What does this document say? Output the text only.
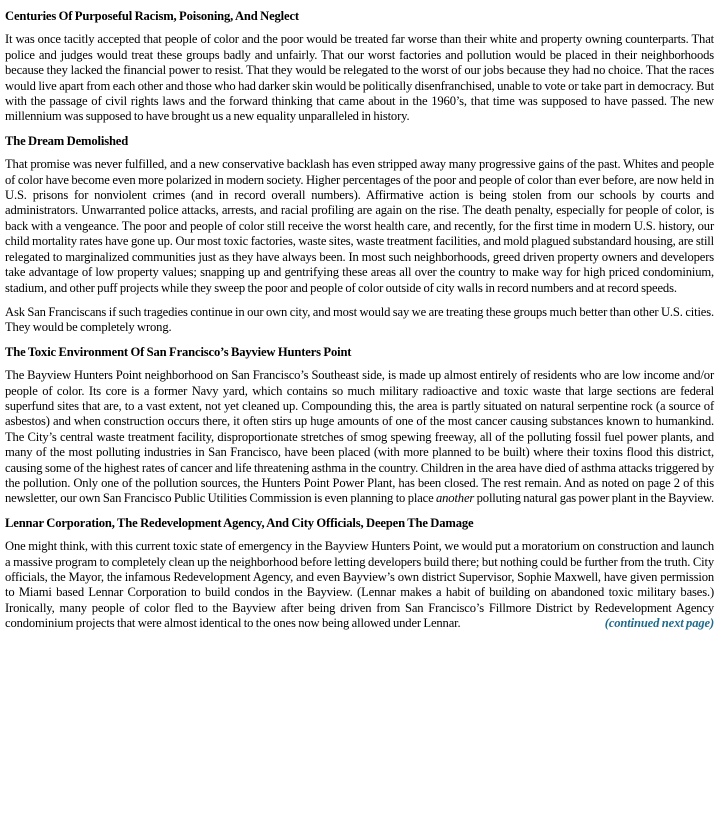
Centuries Of Purposeful Racism, Poisoning, And Neglect

It was once tacitly accepted that people of color and the poor would be treated far worse than their white and property owning counterparts. That police and judges would treat these groups badly and unfairly. That our worst factories and pollution would be placed in their neighborhoods because they lacked the financial power to resist. That they would be relegated to the worst of our jobs because they had no choice. That the races would live apart from each other and those who had darker skin would be politically disenfranchised, unable to vote or take part in democracy. But with the passage of civil rights laws and the forward thinking that came about in the 1960’s, that time was supposed to have passed. The new millennium was supposed to have brought us a new equality unparalleled in history.

The Dream Demolished

That promise was never fulfilled, and a new conservative backlash has even stripped away many progressive gains of the past. Whites and people of color have become even more polarized in modern society. Higher percentages of the poor and people of color than ever before, are now held in U.S. prisons for nonviolent crimes (and in record overall numbers). Affirmative action is being stolen from our schools by courts and administrators. Unwarranted police attacks, arrests, and racial profiling are again on the rise. The death penalty, especially for people of color, is back with a vengeance. The poor and people of color still receive the worst health care, and recently, for the first time in modern U.S. history, our child mortality rates have gone up. Our most toxic factories, waste sites, waste treatment facilities, and mold plagued substandard housing, are still relegated to marginalized communities just as they have always been. In most such neighborhoods, greed driven property owners and developers take advantage of low property values; snapping up and gentrifying these areas all over the country to make way for high priced condominium, stadium, and other puff projects while they sweep the poor and people of color outside of city walls in record numbers and at record speeds.

Ask San Franciscans if such tragedies continue in our own city, and most would say we are treating these groups much better than other U.S. cities. They would be completely wrong.

The Toxic Environment Of San Francisco’s Bayview Hunters Point

The Bayview Hunters Point neighborhood on San Francisco’s Southeast side, is made up almost entirely of residents who are low income and/or people of color. Its core is a former Navy yard, which contains so much military radioactive and toxic waste that large sections are federal superfund sites that are, to a vast extent, not yet cleaned up. Compounding this, the area is partly situated on natural serpentine rock (a source of asbestos) and when construction occurs there, it often stirs up huge amounts of one of the most cancer causing substances known to humankind. The City’s central waste treatment facility, disproportionate stretches of smog spewing freeway, all of the polluting fossil fuel power plants, and many of the most polluting industries in San Francisco, have been placed (with more planned to be built) where their toxins flood this district, causing some of the highest rates of cancer and life threatening asthma in the country. Children in the area have died of asthma attacks triggered by the pollution. Only one of the pollution sources, the Hunters Point Power Plant, has been closed. The rest remain. And as noted on page 2 of this newsletter, our own San Francisco Public Utilities Commission is even planning to place another polluting natural gas power plant in the Bayview.

Lennar Corporation, The Redevelopment Agency, And City Officials, Deepen The Damage

One might think, with this current toxic state of emergency in the Bayview Hunters Point, we would put a moratorium on construction and launch a massive program to completely clean up the neighborhood before letting developers build there; but nothing could be further from the truth. City officials, the Mayor, the infamous Redevelopment Agency, and even Bayview’s own district Supervisor, Sophie Maxwell, have given permission to Miami based Lennar Corporation to build condos in the Bayview. (Lennar makes a habit of building on abandoned toxic military bases.) Ironically, many people of color fled to the Bayview after being driven from San Francisco’s Fillmore District by Redevelopment Agency condominium projects that were almost identical to the ones now being allowed under Lennar.	(continued next page)
